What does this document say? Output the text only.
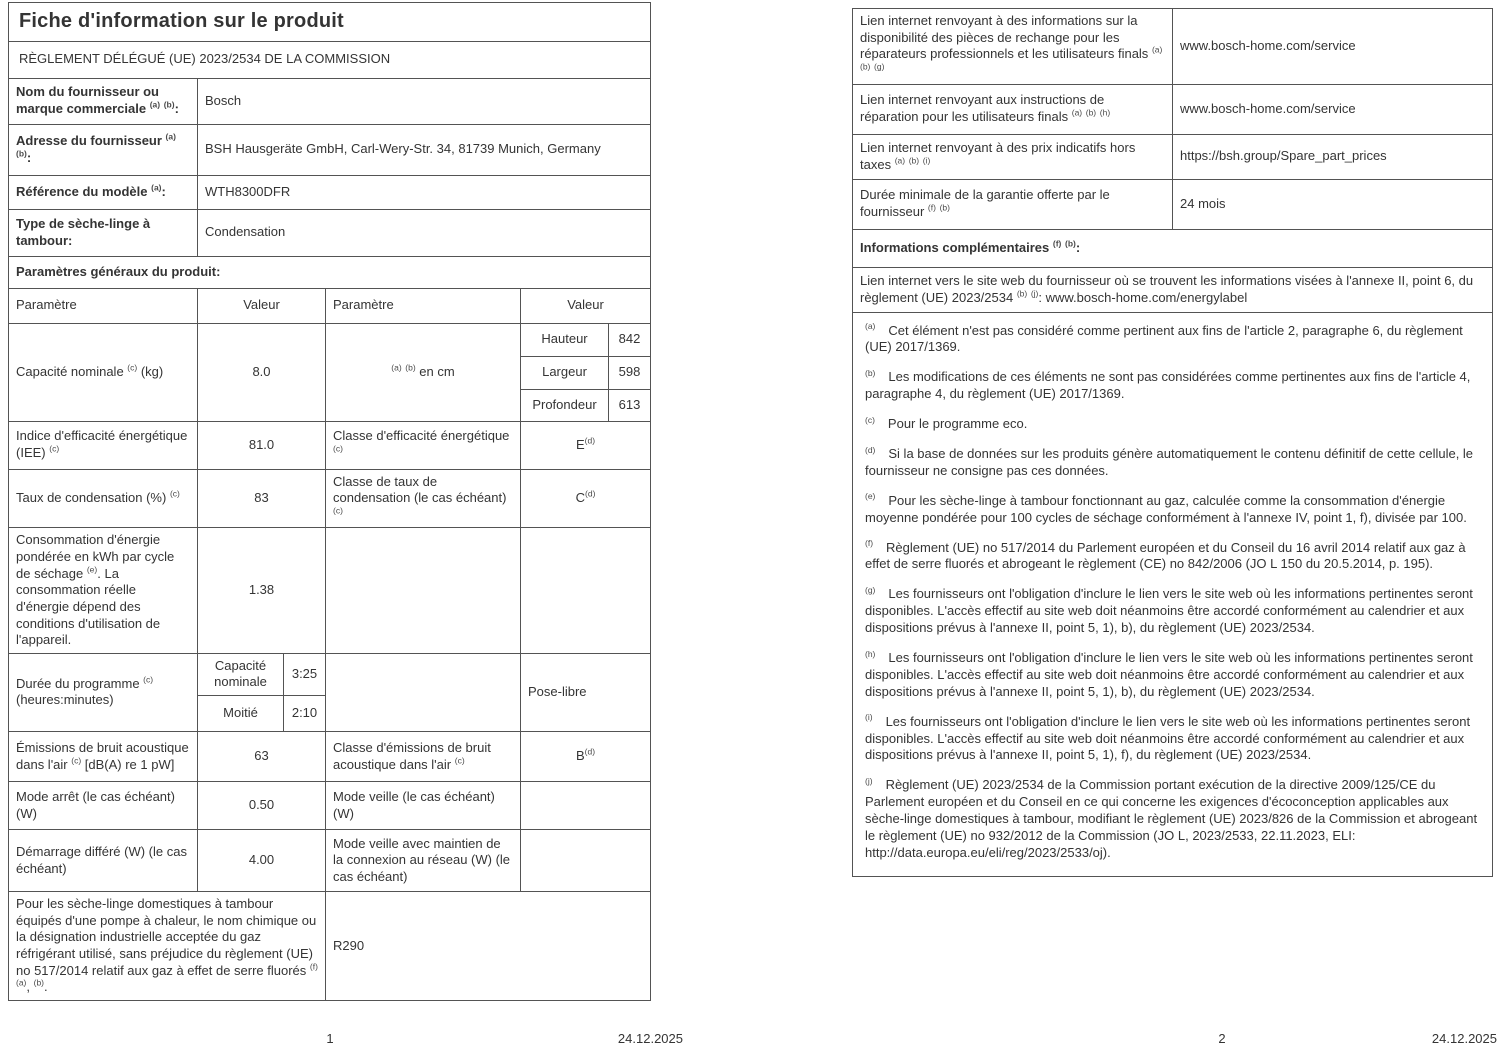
Fiche d'information sur le produit					
RÈGLEMENT DÉLÉGUÉ (UE) 2023/2534 DE LA COMMISSION					
Nom du fournisseur ou marque commerciale $^{(a)}$ $^{(b)}$:	Bosch				
Adresse du fournisseur $^{(a)}$ $^{(b)}$:	BSH Hausgeräte GmbH, Carl-Wery-Str. 34, 81739 Munich, Germany				
Référence du modèle $^{(a)}$:	WTH8300DFR				
Type de sèche-linge à tambour:	Condensation				
Paramètres généraux du produit:					
Paramètre	Valeur		Paramètre	Valeur	
Capacité nominale $^{(c)}$ (kg)	8.0		$^{(a)}$ $^{(b)}$ en cm	Hauteur	842
				Largeur	598
				Profondeur	613
Indice d'efficacité énergétique (IEE) $^{(c)}$	81.0		Classe d'efficacité énergétique $^{(c)}$	$E^{(d)}$
Taux de condensation (%) $^{(c)}$	83		Classe de taux de condensation (le cas échéant) $^{(c)}$	$C^{(d)}$
Consommation d'énergie pondérée en kWh par cycle de séchage $^{(e)}$. La consommation réelle d'énergie dépend des conditions d'utilisation de l'appareil.	1.38				
Durée du programme $^{(c)}$ (heures:minutes)	Capacité nominale	3:25		Pose-libre	
	Moitié	2:10			
Émissions de bruit acoustique dans l'air $^{(c)}$ [dB(A) re 1 pW]	63		Classe d'émissions de bruit acoustique dans l'air $^{(c)}$	$B^{(d)}$
Mode arrêt (le cas échéant) (W)	0.50		Mode veille (le cas échéant) (W)		
Démarrage différé (W) (le cas échéant)	4.00		Mode veille avec maintien de la connexion au réseau (W) (le cas échéant)		
Pour les sèche-linge domestiques à tambour équipés d'une pompe à chaleur, le nom chimique ou la désignation industrielle acceptée du gaz réfrigérant utilisé, sans préjudice du règlement (UE) no 517/2014 relatif aux gaz à effet de serre fluorés $^{(f)}$ $^{(a)}$, $^{(b)}$.			R290		
Lien internet renvoyant à des informations sur la disponibilité des pièces de rechange pour les réparateurs professionnels et les utilisateurs finals $^{(a)}$ $^{(b)}$ $^{(g)}$	www.bosch-home.com/service
Lien internet renvoyant aux instructions de réparation pour les utilisateurs finals $^{(a)}$ $^{(b)}$ $^{(h)}$	www.bosch-home.com/service
Lien internet renvoyant à des prix indicatifs hors taxes $^{(a)}$ $^{(b)}$ $^{(i)}$	https://bsh.group/Spare_part_prices
Durée minimale de la garantie offerte par le fournisseur $^{(f)}$ $^{(b)}$	24 mois
Informations complémentaires $^{(f)}$ $^{(b)}$:	

Lien internet vers le site web du fournisseur où se trouvent les informations visées à l'annexe II, point 6, du règlement (UE) 2023/2534 $^{(b)}$ $^{(j)}$: www.bosch-home.com/energylabel	

$^{(a)}$ Cet élément n'est pas considéré comme pertinent aux fins de l'article 2, paragraphe 6, du règlement (UE) 2017/1369.

$^{(b)}$ Les modifications de ces éléments ne sont pas considérées comme pertinentes aux fins de l'article 4, paragraphe 4, du règlement (UE) 2017/1369.

$^{(c)}$ Pour le programme eco.

$^{(d)}$ Si la base de données sur les produits génère automatiquement le contenu définitif de cette cellule, le fournisseur ne consigne pas ces données.

$^{(e)}$ Pour les sèche-linge à tambour fonctionnant au gaz, calculée comme la consommation d'énergie moyenne pondérée pour 100 cycles de séchage conformément à l'annexe IV, point 1, f), divisée par 100.

$^{(f)}$ Règlement (UE) no 517/2014 du Parlement européen et du Conseil du 16 avril 2014 relatif aux gaz à effet de serre fluorés et abrogeant le règlement (CE) no 842/2006 (JO L 150 du 20.5.2014, p. 195).

$^{(g)}$ Les fournisseurs ont l'obligation d'inclure le lien vers le site web où les informations pertinentes seront disponibles. L'accès effectif au site web doit néanmoins être accordé conformément au calendrier et aux dispositions prévus à l'annexe II, point 5, 1), b), du règlement (UE) 2023/2534.

$^{(h)}$ Les fournisseurs ont l'obligation d'inclure le lien vers le site web où les informations pertinentes seront disponibles. L'accès effectif au site web doit néanmoins être accordé conformément au calendrier et aux dispositions prévus à l'annexe II, point 5, 1), b), du règlement (UE) 2023/2534.

$^{(i)}$ Les fournisseurs ont l'obligation d'inclure le lien vers le site web où les informations pertinentes seront disponibles. L'accès effectif au site web doit néanmoins être accordé conformément au calendrier et aux dispositions prévus à l'annexe II, point 5, 1), f), du règlement (UE) 2023/2534.

$^{(j)}$ Règlement (UE) 2023/2534 de la Commission portant exécution de la directive 2009/125/CE du Parlement européen et du Conseil en ce qui concerne les exigences d'écoconception applicables aux sèche-linge domestiques à tambour, modifiant le règlement (UE) 2023/826 de la Commission et abrogeant le règlement (UE) no 932/2012 de la Commission (JO L, 2023/2533, 22.11.2023, ELI: http://data.europa.eu/eli/reg/2023/2533/oj).

1	24.12.2025	2	24.12.2025
